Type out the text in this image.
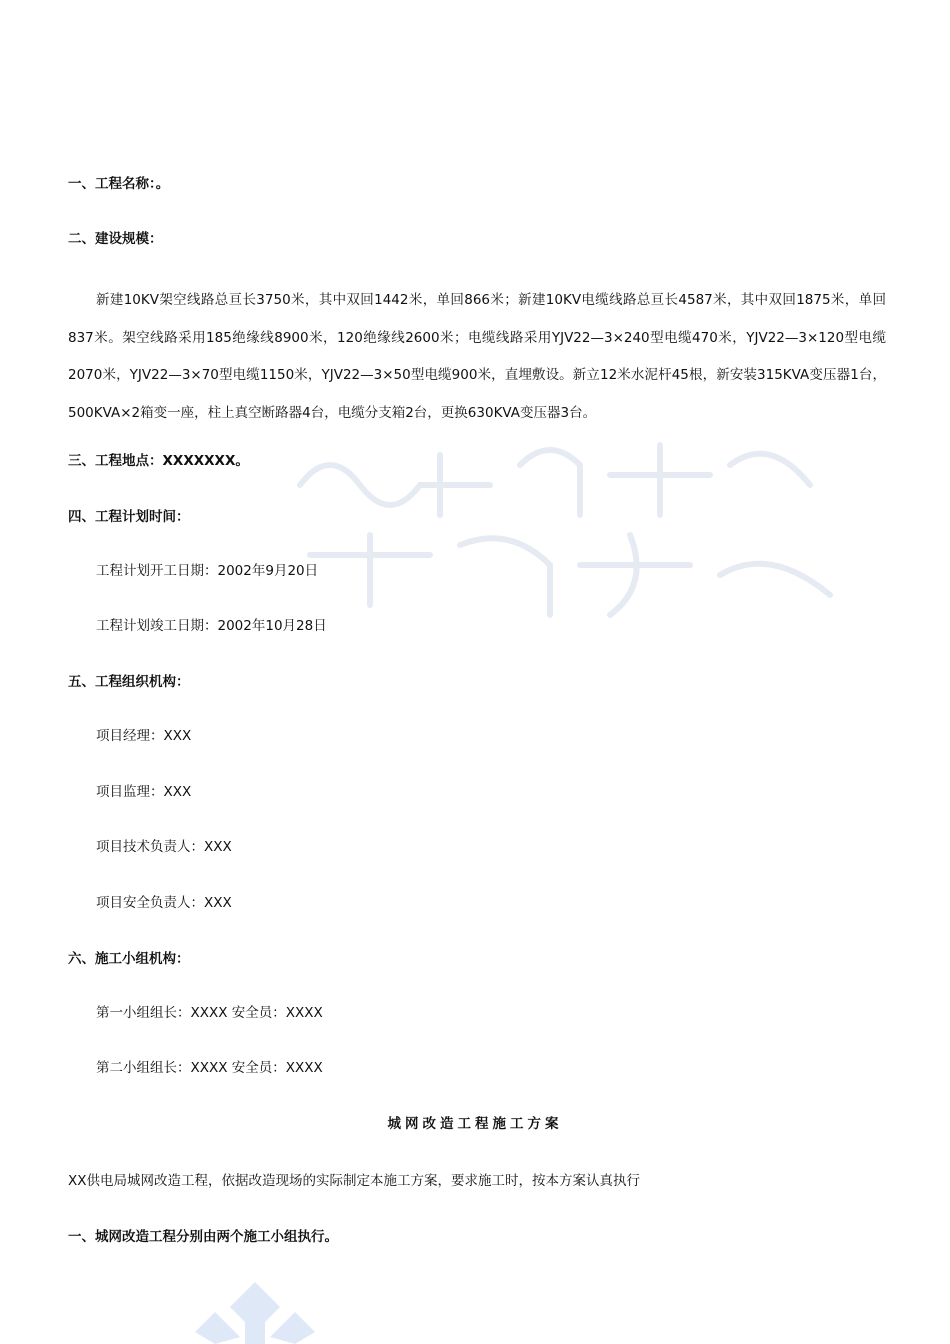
一、工程名称：。
二、建设规模：
新建10KV架空线路总亘长3750米，其中双回1442米，单回866米；新建10KV电缆线路总亘长4587米，其中双回1875米，单回837米。架空线路采用185绝缘线8900米，120绝缘线2600米；电缆线路采用YJV22—3×240型电缆470米，YJV22—3×120型电缆2070米，YJV22—3×70型电缆1150米，YJV22—3×50型电缆900米，直埋敷设。新立12米水泥杆45根，新安装315KVA变压器1台，500KVA×2箱变一座，柱上真空断路器4台，电缆分支箱2台，更换630KVA变压器3台。
三、工程地点：XXXXXXX。
四、工程计划时间：
工程计划开工日期：2002年9月20日
工程计划竣工日期：2002年10月28日
五、工程组织机构：
项目经理：XXX
项目监理：XXX
项目技术负责人：XXX
项目安全负责人：XXX
六、施工小组机构：
第一小组组长：XXXX 安全员：XXXX
第二小组组长：XXXX 安全员：XXXX
城网改造工程施工方案
XX供电局城网改造工程，依据改造现场的实际制定本施工方案，要求施工时，按本方案认真执行
一、城网改造工程分别由两个施工小组执行。
